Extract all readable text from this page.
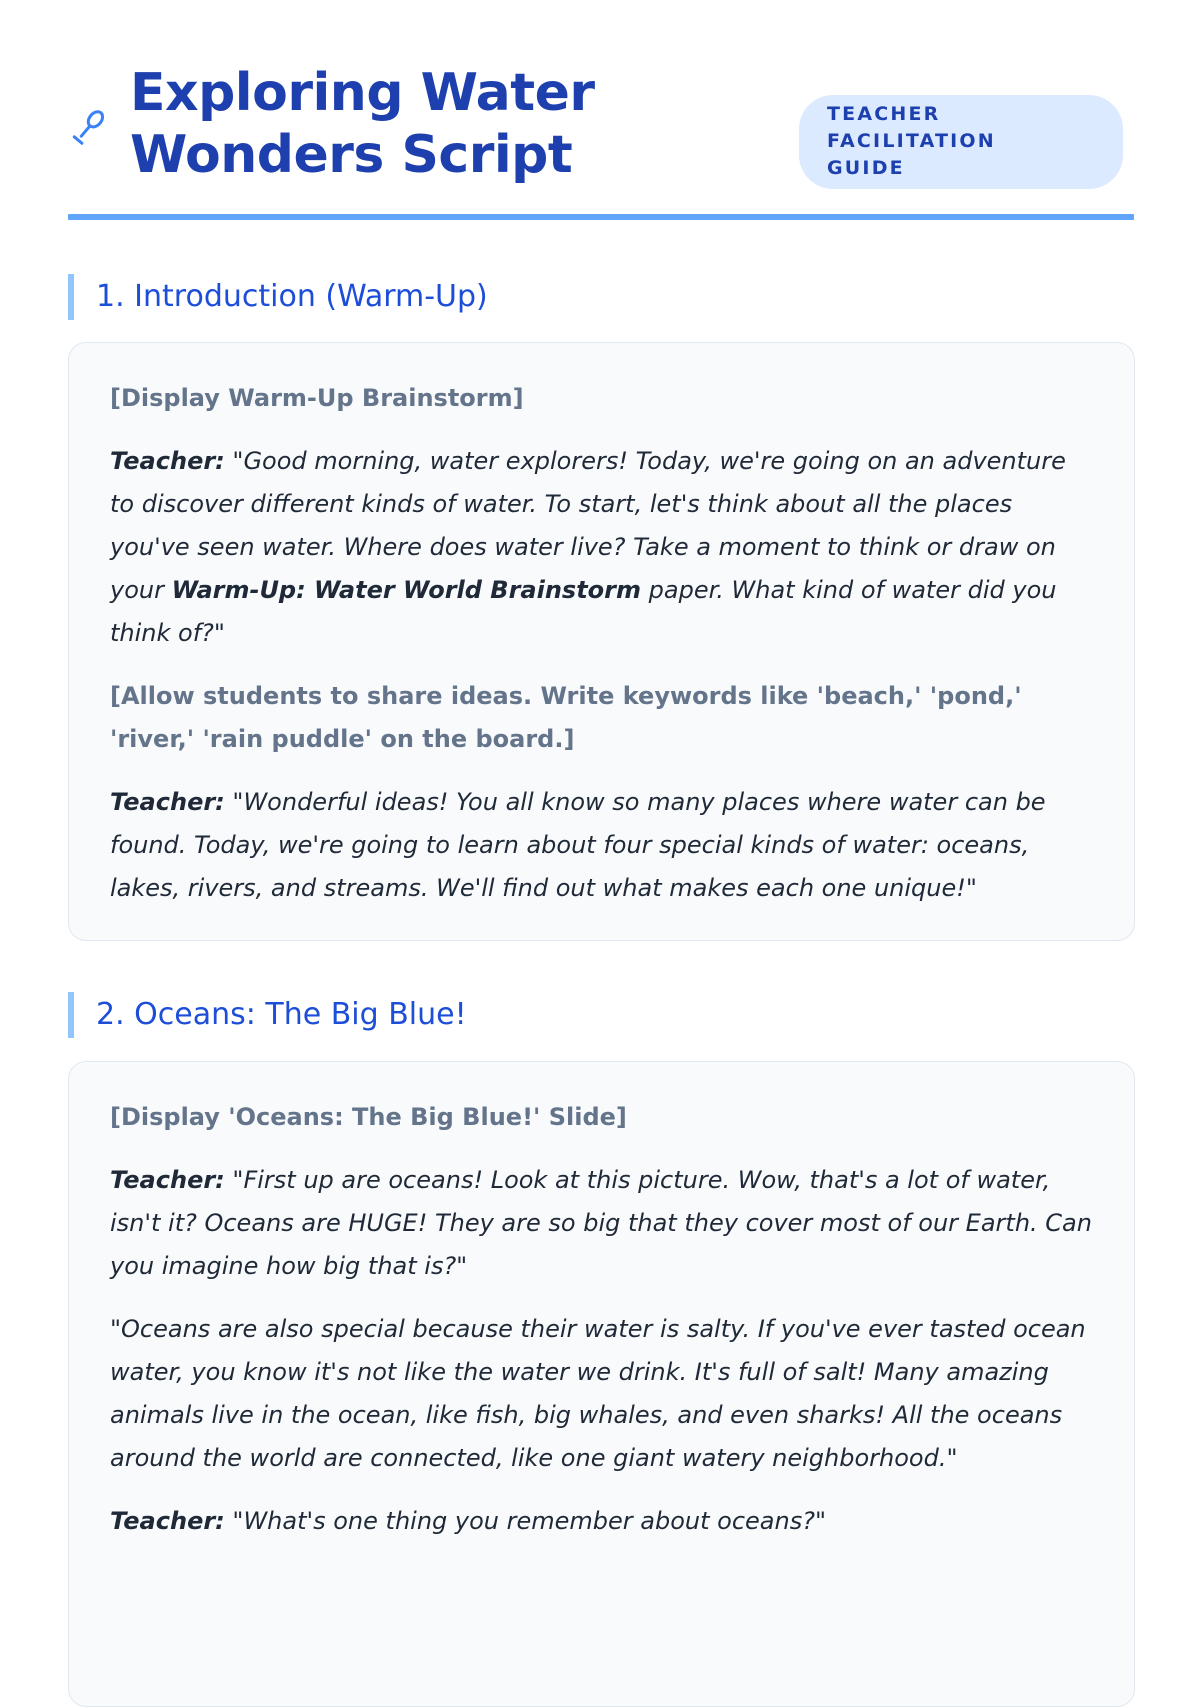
Exploring Water
Wonders Script
TEACHER FACILITATION
GUIDE
1. Introduction (Warm-Up)

[Display Warm-Up Brainstorm]

Teacher: "Good morning, water explorers! Today, we're going on an adventure to discover different kinds of water. To start, let's think about all the places you've seen water. Where does water live? Take a moment to think or draw on your Warm-Up: Water World Brainstorm paper. What kind of water did you think of?"

[Allow students to share ideas. Write keywords like 'beach,' 'pond,' 'river,' 'rain puddle' on the board.]

Teacher: "Wonderful ideas! You all know so many places where water can be found. Today, we're going to learn about four special kinds of water: oceans, lakes, rivers, and streams. We'll find out what makes each one unique!"

2. Oceans: The Big Blue!

[Display 'Oceans: The Big Blue!' Slide]

Teacher: "First up are oceans! Look at this picture. Wow, that's a lot of water, isn't it? Oceans are HUGE! They are so big that they cover most of our Earth. Can you imagine how big that is?"

"Oceans are also special because their water is salty. If you've ever tasted ocean water, you know it's not like the water we drink. It's full of salt! Many amazing animals live in the ocean, like fish, big whales, and even sharks! All the oceans around the world are connected, like one giant watery neighborhood."

Teacher: "What's one thing you remember about oceans?"
